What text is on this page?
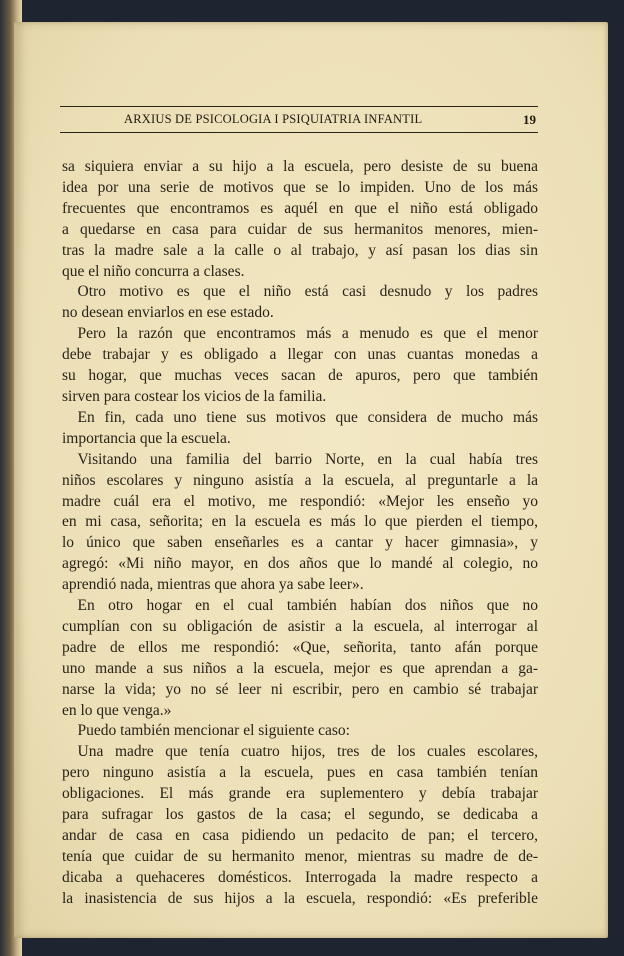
ARXIUS DE PSICOLOGIA I PSIQUIATRIA INFANTIL	19

sa siquiera enviar a su hijo a la escuela, pero desiste de su buena
idea por una serie de motivos que se lo impiden. Uno de los más
frecuentes que encontramos es aquél en que el niño está obligado
a quedarse en casa para cuidar de sus hermanitos menores, mien-
tras la madre sale a la calle o al trabajo, y así pasan los dias sin
que el niño concurra a clases.

 Otro motivo es que el niño está casi desnudo y los padres
no desean enviarlos en ese estado.

 Pero la razón que encontramos más a menudo es que el menor
debe trabajar y es obligado a llegar con unas cuantas monedas a
su hogar, que muchas veces sacan de apuros, pero que también
sirven para costear los vicios de la familia.

 En fin, cada uno tiene sus motivos que considera de mucho más
importancia que la escuela.

 Visitando una familia del barrio Norte, en la cual había tres
niños escolares y ninguno asistía a la escuela, al preguntarle a la
madre cuál era el motivo, me respondió: «Mejor les enseño yo
en mi casa, señorita; en la escuela es más lo que pierden el tiempo,
lo único que saben enseñarles es a cantar y hacer gimnasia», y
agregó: «Mi niño mayor, en dos años que lo mandé al colegio, no
aprendió nada, mientras que ahora ya sabe leer».

 En otro hogar en el cual también habían dos niños que no
cumplían con su obligación de asistir a la escuela, al interrogar al
padre de ellos me respondió: «Que, señorita, tanto afán porque
uno mande a sus niños a la escuela, mejor es que aprendan a ga-
narse la vida; yo no sé leer ni escribir, pero en cambio sé trabajar
en lo que venga.»

 Puedo también mencionar el siguiente caso:

 Una madre que tenía cuatro hijos, tres de los cuales escolares,
pero ninguno asistía a la escuela, pues en casa también tenían
obligaciones. El más grande era suplementero y debía trabajar
para sufragar los gastos de la casa; el segundo, se dedicaba a
andar de casa en casa pidiendo un pedacito de pan; el tercero,
tenía que cuidar de su hermanito menor, mientras su madre de de-
dicaba a quehaceres domésticos. Interrogada la madre respecto a
la inasistencia de sus hijos a la escuela, respondió: «Es preferible
